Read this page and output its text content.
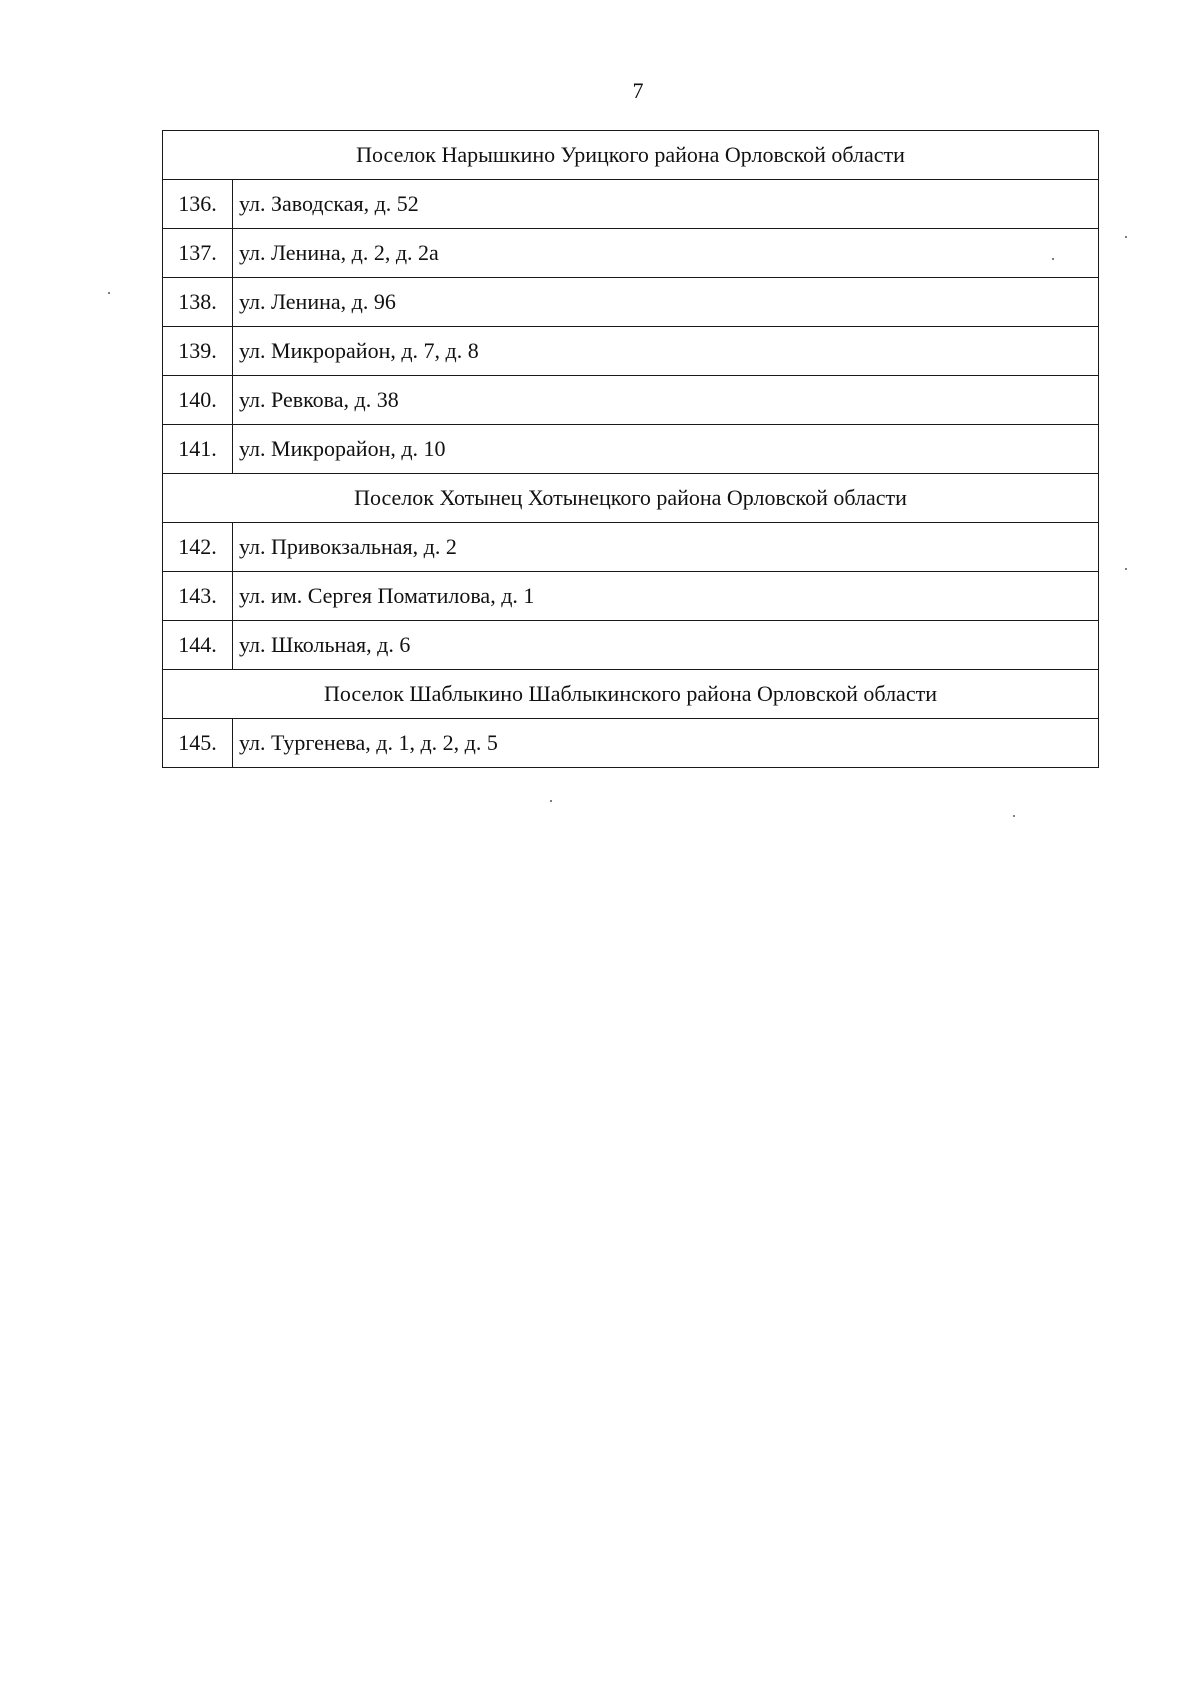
7
Поселок Нарышкино Урицкого района Орловской области	
136.	ул. Заводская, д. 52
137.	ул. Ленина, д. 2, д. 2а
138.	ул. Ленина, д. 96
139.	ул. Микрорайон, д. 7, д. 8
140.	ул. Ревкова, д. 38
141.	ул. Микрорайон, д. 10
Поселок Хотынец Хотынецкого района Орловской области	
142.	ул. Привокзальная, д. 2
143.	ул. им. Сергея Поматилова, д. 1
144.	ул. Школьная, д. 6
Поселок Шаблыкино Шаблыкинского района Орловской области	
145.	ул. Тургенева, д. 1, д. 2, д. 5
